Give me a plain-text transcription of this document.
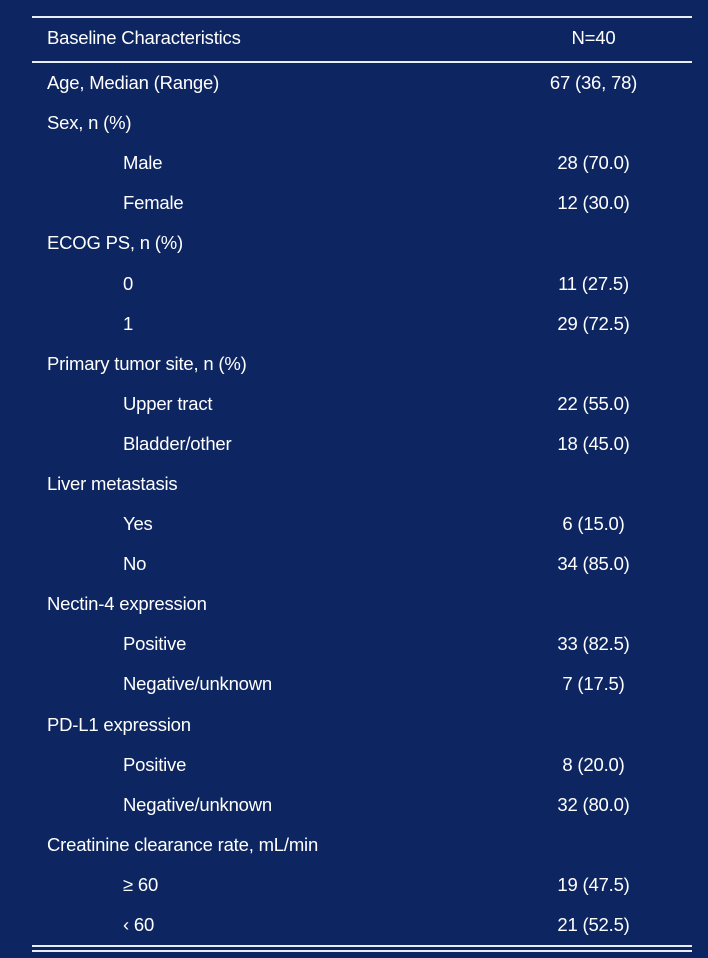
Baseline Characteristics	N=40
Age, Median (Range)	67 (36, 78)
Sex, n (%)
Male	28 (70.0)
Female	12 (30.0)
ECOG PS, n (%)
0	11 (27.5)
1	29 (72.5)
Primary tumor site, n (%)
Upper tract	22 (55.0)
Bladder/other	18 (45.0)
Liver metastasis
Yes	6 (15.0)
No	34 (85.0)
Nectin-4 expression
Positive	33 (82.5)
Negative/unknown	7 (17.5)
PD-L1 expression
Positive	8 (20.0)
Negative/unknown	32 (80.0)
Creatinine clearance rate, mL/min
≥ 60	19 (47.5)
‹ 60	21 (52.5)
